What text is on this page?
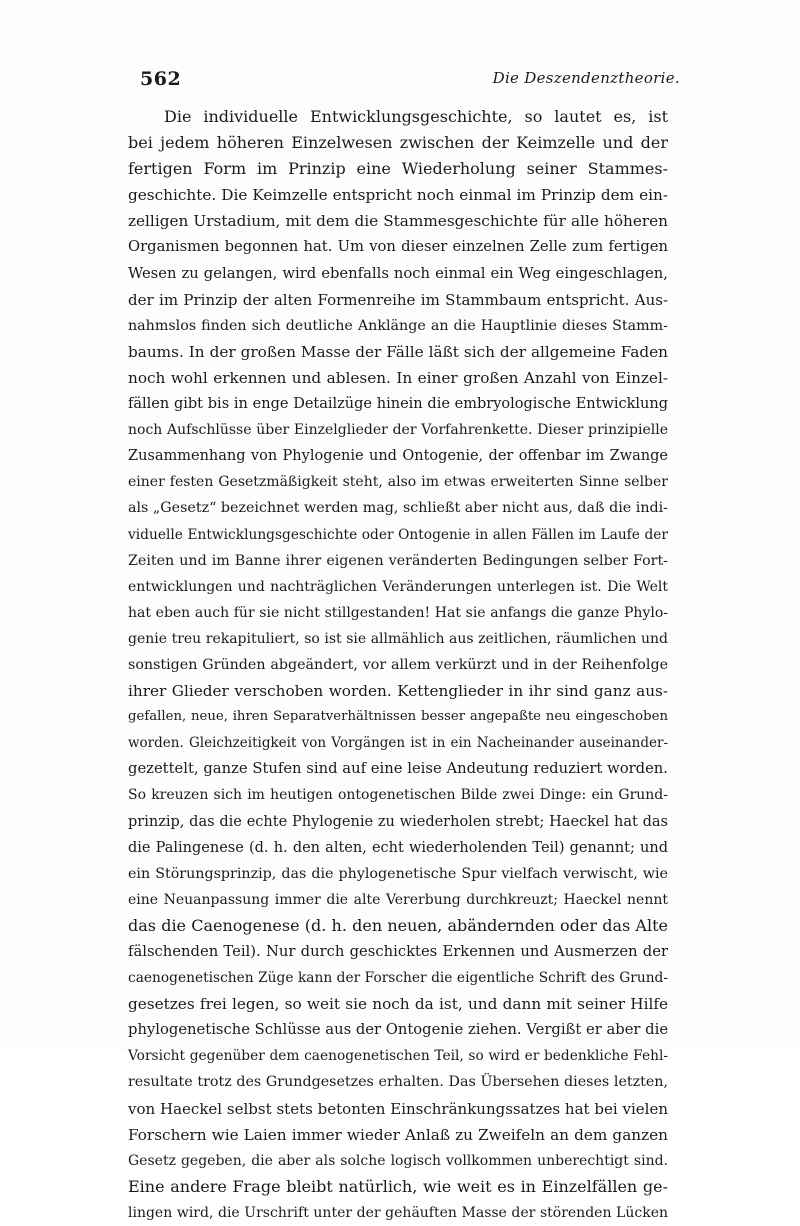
562	Die Deszendenztheorie.
Die individuelle Entwicklungsgeschichte, so lautet es, ist
bei jedem höheren Einzelwesen zwischen der Keimzelle und der
fertigen Form im Prinzip eine Wiederholung seiner Stammes-
geschichte. Die Keimzelle entspricht noch einmal im Prinzip dem ein-
zelligen Urstadium, mit dem die Stammesgeschichte für alle höheren
Organismen begonnen hat. Um von dieser einzelnen Zelle zum fertigen
Wesen zu gelangen, wird ebenfalls noch einmal ein Weg eingeschlagen,
der im Prinzip der alten Formenreihe im Stammbaum entspricht. Aus-
nahmslos finden sich deutliche Anklänge an die Hauptlinie dieses Stamm-
baums. In der großen Masse der Fälle läßt sich der allgemeine Faden
noch wohl erkennen und ablesen. In einer großen Anzahl von Einzel-
fällen gibt bis in enge Detailzüge hinein die embryologische Entwicklung
noch Aufschlüsse über Einzelglieder der Vorfahrenkette. Dieser prinzipielle
Zusammenhang von Phylogenie und Ontogenie, der offenbar im Zwange
einer festen Gesetzmäßigkeit steht, also im etwas erweiterten Sinne selber
als „Gesetz“ bezeichnet werden mag, schließt aber nicht aus, daß die indi-
viduelle Entwicklungsgeschichte oder Ontogenie in allen Fällen im Laufe der
Zeiten und im Banne ihrer eigenen veränderten Bedingungen selber Fort-
entwicklungen und nachträglichen Veränderungen unterlegen ist. Die Welt
hat eben auch für sie nicht stillgestanden! Hat sie anfangs die ganze Phylo-
genie treu rekapituliert, so ist sie allmählich aus zeitlichen, räumlichen und
sonstigen Gründen abgeändert, vor allem verkürzt und in der Reihenfolge
ihrer Glieder verschoben worden. Kettenglieder in ihr sind ganz aus-
gefallen, neue, ihren Separatverhältnissen besser angepaßte neu eingeschoben
worden. Gleichzeitigkeit von Vorgängen ist in ein Nacheinander auseinander-
gezettelt, ganze Stufen sind auf eine leise Andeutung reduziert worden.
So kreuzen sich im heutigen ontogenetischen Bilde zwei Dinge: ein Grund-
prinzip, das die echte Phylogenie zu wiederholen strebt; Haeckel hat das
die Palingenese (d. h. den alten, echt wiederholenden Teil) genannt; und
ein Störungsprinzip, das die phylogenetische Spur vielfach verwischt, wie
eine Neuanpassung immer die alte Vererbung durchkreuzt; Haeckel nennt
das die Caenogenese (d. h. den neuen, abändernden oder das Alte
fälschenden Teil). Nur durch geschicktes Erkennen und Ausmerzen der
caenogenetischen Züge kann der Forscher die eigentliche Schrift des Grund-
gesetzes frei legen, so weit sie noch da ist, und dann mit seiner Hilfe
phylogenetische Schlüsse aus der Ontogenie ziehen. Vergißt er aber die
Vorsicht gegenüber dem caenogenetischen Teil, so wird er bedenkliche Fehl-
resultate trotz des Grundgesetzes erhalten. Das Übersehen dieses letzten,
von Haeckel selbst stets betonten Einschränkungssatzes hat bei vielen
Forschern wie Laien immer wieder Anlaß zu Zweifeln an dem ganzen
Gesetz gegeben, die aber als solche logisch vollkommen unberechtigt sind.
Eine andere Frage bleibt natürlich, wie weit es in Einzelfällen ge-
lingen wird, die Urschrift unter der gehäuften Masse der störenden Lücken
